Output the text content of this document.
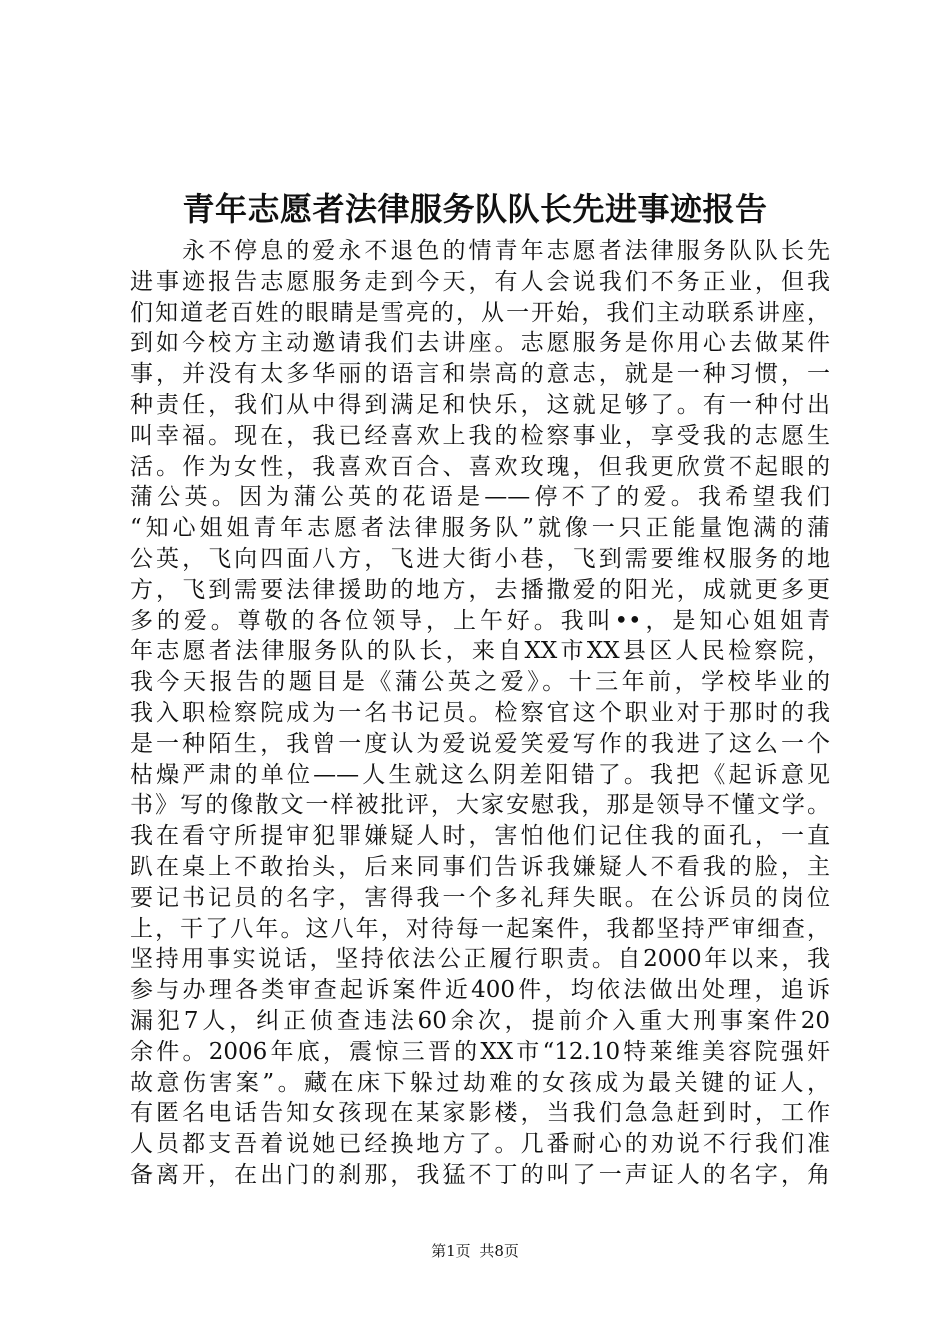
青年志愿者法律服务队队长先进事迹报告
　　永不停息的爱永不退色的情青年志愿者法律服务队队长先
进事迹报告志愿服务走到今天，有人会说我们不务正业，但我
们知道老百姓的眼睛是雪亮的，从一开始，我们主动联系讲座，
到如今校方主动邀请我们去讲座。志愿服务是你用心去做某件
事，并没有太多华丽的语言和崇高的意志，就是一种习惯，一
种责任，我们从中得到满足和快乐，这就足够了。有一种付出
叫幸福。现在，我已经喜欢上我的检察事业，享受我的志愿生
活。作为女性，我喜欢百合、喜欢玫瑰，但我更欣赏不起眼的
蒲公英。因为蒲公英的花语是——停不了的爱。我希望我们
“知心姐姐青年志愿者法律服务队”就像一只正能量饱满的蒲
公英，飞向四面八方，飞进大街小巷，飞到需要维权服务的地
方，飞到需要法律援助的地方，去播撒爱的阳光，成就更多更
多的爱。尊敬的各位领导，上午好。我叫••，是知心姐姐青
年志愿者法律服务队的队长，来自XX市XX县区人民检察院，
我今天报告的题目是《蒲公英之爱》。十三年前，学校毕业的
我入职检察院成为一名书记员。检察官这个职业对于那时的我
是一种陌生，我曾一度认为爱说爱笑爱写作的我进了这么一个
枯燥严肃的单位——人生就这么阴差阳错了。我把《起诉意见
书》写的像散文一样被批评，大家安慰我，那是领导不懂文学。
我在看守所提审犯罪嫌疑人时，害怕他们记住我的面孔，一直
趴在桌上不敢抬头，后来同事们告诉我嫌疑人不看我的脸，主
要记书记员的名字，害得我一个多礼拜失眠。在公诉员的岗位
上，干了八年。这八年，对待每一起案件，我都坚持严审细查，
坚持用事实说话，坚持依法公正履行职责。自2000年以来，我
参与办理各类审查起诉案件近400件，均依法做出处理，追诉
漏犯7人，纠正侦查违法60余次，提前介入重大刑事案件20
余件。2006年底，震惊三晋的XX市“12.10特莱维美容院强奸
故意伤害案”。藏在床下躲过劫难的女孩成为最关键的证人，
有匿名电话告知女孩现在某家影楼，当我们急急赶到时，工作
人员都支吾着说她已经换地方了。几番耐心的劝说不行我们准
备离开，在出门的刹那，我猛不丁的叫了一声证人的名字，角
第1页 共8页
